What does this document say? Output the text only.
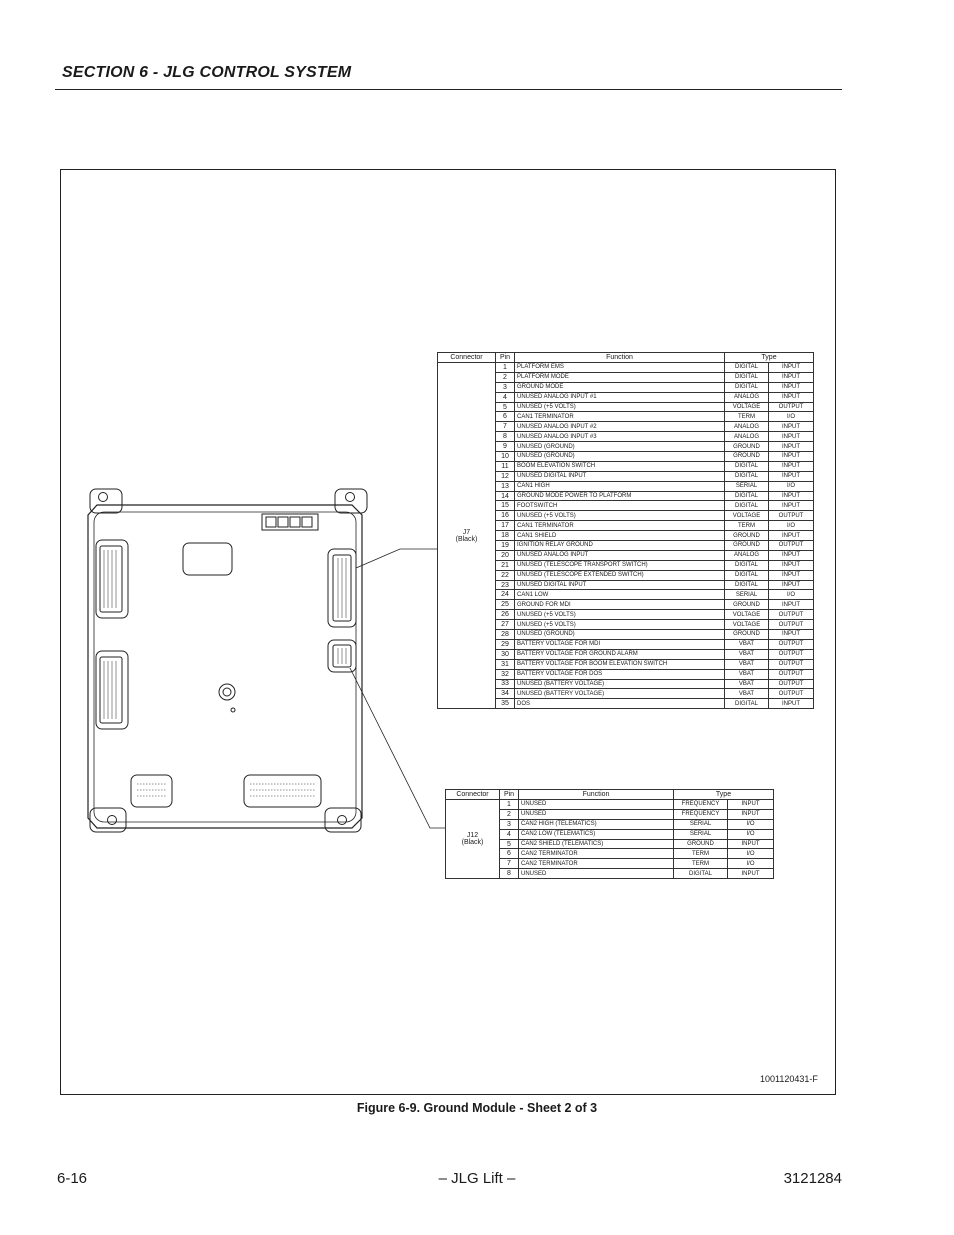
SECTION 6 - JLG CONTROL SYSTEM
Connector	Pin	Function	Type	

J7
(Black)	1	PLATFORM EMS	DIGITAL	INPUT
	2	PLATFORM MODE	DIGITAL	INPUT
	3	GROUND MODE	DIGITAL	INPUT
	4	UNUSED ANALOG INPUT #1	ANALOG	INPUT
	5	UNUSED (+5 VOLTS)	VOLTAGE	OUTPUT
	6	CAN1 TERMINATOR	TERM	I/O
	7	UNUSED ANALOG INPUT #2	ANALOG	INPUT
	8	UNUSED ANALOG INPUT #3	ANALOG	INPUT
	9	UNUSED (GROUND)	GROUND	INPUT
	10	UNUSED (GROUND)	GROUND	INPUT
	11	BOOM ELEVATION SWITCH	DIGITAL	INPUT
	12	UNUSED DIGITAL INPUT	DIGITAL	INPUT
	13	CAN1 HIGH	SERIAL	I/O
	14	GROUND MODE POWER TO PLATFORM	DIGITAL	INPUT
	15	FOOTSWITCH	DIGITAL	INPUT
	16	UNUSED (+5 VOLTS)	VOLTAGE	OUTPUT
	17	CAN1 TERMINATOR	TERM	I/O
	18	CAN1 SHIELD	GROUND	INPUT
	19	IGNITION RELAY GROUND	GROUND	OUTPUT
	20	UNUSED ANALOG INPUT	ANALOG	INPUT
	21	UNUSED (TELESCOPE TRANSPORT SWITCH)	DIGITAL	INPUT
	22	UNUSED (TELESCOPE EXTENDED SWITCH)	DIGITAL	INPUT
	23	UNUSED DIGITAL INPUT	DIGITAL	INPUT
	24	CAN1 LOW	SERIAL	I/O
	25	GROUND FOR MDI	GROUND	INPUT
	26	UNUSED (+5 VOLTS)	VOLTAGE	OUTPUT
	27	UNUSED (+5 VOLTS)	VOLTAGE	OUTPUT
	28	UNUSED (GROUND)	GROUND	INPUT
	29	BATTERY VOLTAGE FOR MDI	VBAT	OUTPUT
	30	BATTERY VOLTAGE FOR GROUND ALARM	VBAT	OUTPUT
	31	BATTERY VOLTAGE FOR BOOM ELEVATION SWITCH	VBAT	OUTPUT
	32	BATTERY VOLTAGE FOR DOS	VBAT	OUTPUT
	33	UNUSED (BATTERY VOLTAGE)	VBAT	OUTPUT
	34	UNUSED (BATTERY VOLTAGE)	VBAT	OUTPUT
	35	DOS	DIGITAL	INPUT
Connector	Pin	Function	Type	

J12
(Black)	1	UNUSED	FREQUENCY	INPUT
	2	UNUSED	FREQUENCY	INPUT
	3	CAN2 HIGH (TELEMATICS)	SERIAL	I/O
	4	CAN2 LOW (TELEMATICS)	SERIAL	I/O
	5	CAN2 SHIELD (TELEMATICS)	GROUND	INPUT
	6	CAN2 TERMINATOR	TERM	I/O
	7	CAN2 TERMINATOR	TERM	I/O
	8	UNUSED	DIGITAL	INPUT
1001120431-F
Figure 6-9. Ground Module - Sheet 2 of 3
6-16	– JLG Lift –	3121284
